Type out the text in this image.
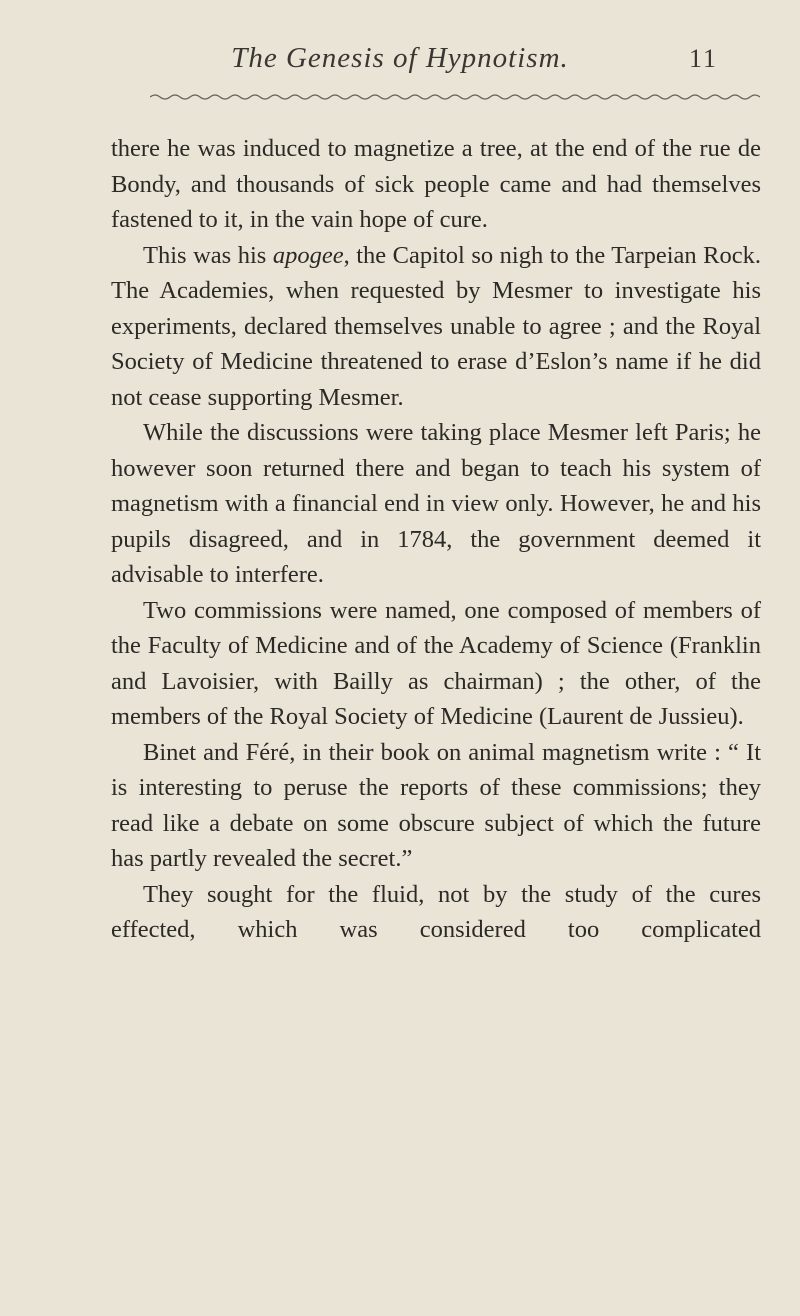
The Genesis of Hypnotism.	11

there he was induced to magnetize a tree, at the end of the rue de Bondy, and thousands of sick people came and had themselves fastened to it, in the vain hope of cure.

This was his apogee, the Capitol so nigh to the Tarpeian Rock. The Academies, when requested by Mesmer to investigate his experiments, declared themselves unable to agree ; and the Royal Society of Medicine threatened to erase d’Eslon’s name if he did not cease supporting Mesmer.

While the discussions were taking place Mesmer left Paris; he however soon returned there and began to teach his system of magnetism with a financial end in view only. However, he and his pupils disagreed, and in 1784, the government deemed it advisable to interfere.

Two commissions were named, one composed of members of the Faculty of Medicine and of the Academy of Science (Franklin and Lavoisier, with Bailly as chairman) ; the other, of the members of the Royal Society of Medicine (Laurent de Jussieu).

Binet and Féré, in their book on animal magnetism write : “ It is interesting to peruse the reports of these commissions; they read like a debate on some obscure subject of which the future has partly revealed the secret.”

They sought for the fluid, not by the study of the cures effected, which was considered too complicated
